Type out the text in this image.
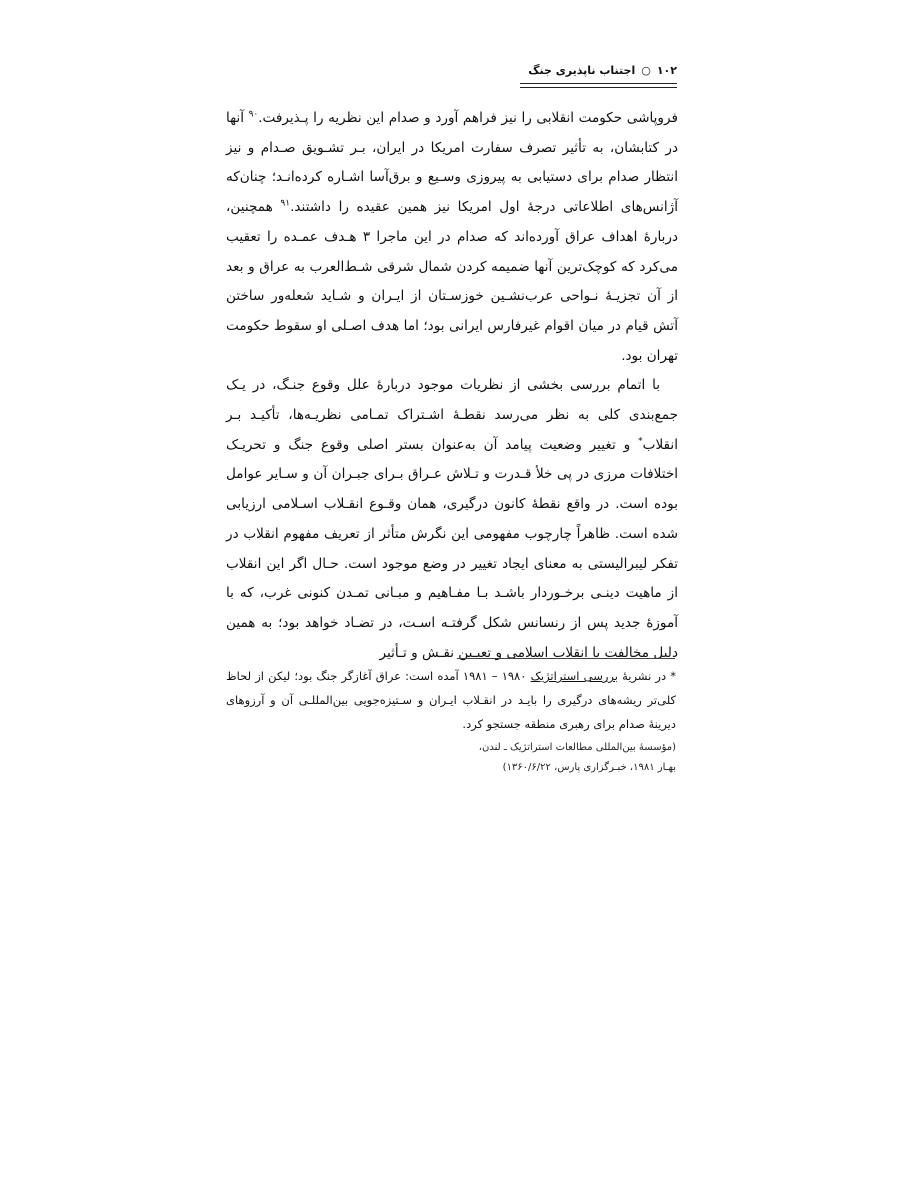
۱۰۲○اجتناب ناپذیری جنگ

فروپاشی حکومت انقلابی را نیز فراهم آورد و صدام این نظریه را پـذیرفت.$^{۹۰}$ آنها در کتابشان، به تأثیر تصرف سفارت امریکا در ایران، بـر تشـویق صـدام و نیز انتظار صدام برای دستیابی به پیروزی وسـیع و برق‌آسا اشـاره کرده‌انـد؛ چنان‌که آژانس‌های اطلاعاتی درجهٔ اول امریکا نیز همین عقیده را داشتند.$^{۹۱}$ همچنین، دربارهٔ اهداف عراق آورده‌اند که صدام در این ماجرا ۳ هـدف عمـده را تعقیب می‌کرد که کوچک‌ترین آنها ضمیمه کردن شمال شرقی شـط‌العرب به عراق و بعد از آن تجزیـهٔ نـواحی عرب‌نشـین خوزسـتان از ایـران و شـاید شعله‌ور ساختن آتش قیام در میان اقوام غیرفارس ایرانی بود؛ اما هدف اصـلی او سقوط حکومت تهران بود.

با اتمام بررسی بخشی از نظریات موجود دربارهٔ علل وقوع جنـگ، در یـک جمع‌بندی کلی به نظر می‌رسد نقطـهٔ اشـتراک تمـامی نظریـه‌ها، تأکیـد بـر انقلاب* و تغییر وضعیت پیامد آن به‌عنوان بستر اصلی وقوع جنگ و تحریـک اختلافات مرزی در پی خلأ قـدرت و تـلاش عـراق بـرای جبـران آن و سـایر عوامل بوده است. در واقع نقطهٔ کانون درگیری، همان وقـوع انقـلاب اسـلامی ارزیابی شده است. ظاهراً چارچوب مفهومی این نگرش متأثر از تعریف مفهوم انقلاب در تفکر لیبرالیستی به معنای ایجاد تغییر در وضع موجود است. حـال اگر این انقلاب از ماهیت دینـی برخـوردار باشـد بـا مفـاهیم و مبـانی تمـدن کنونی غرب، که با آموزهٔ جدید پس از رنسانس شکل گرفتـه اسـت، در تضـاد خواهد بود؛ به همین دلیل مخالفت با انقلاب اسلامی و تعیـین نقـش و تـأثیر

* در نشریهٔ بررسی استراتژیک ۱۹۸۰ – ۱۹۸۱ آمده است: عراق آغازگر جنگ بود؛ لیکن از لحاظ کلی‌تر ریشه‌های درگیری را بایـد در انقـلاب ایـران و سـتیزه‌جویی بین‌المللـی آن و آرزوهای دیرینهٔ صدام برای رهبری منطقه جستجو کرد.
(مؤسسهٔ بین‌المللی مطالعات استراتژیک ـ لندن،
بهـار ۱۹۸۱، خبـرگزاری پارس، ۱۳۶۰/۶/۲۲)
